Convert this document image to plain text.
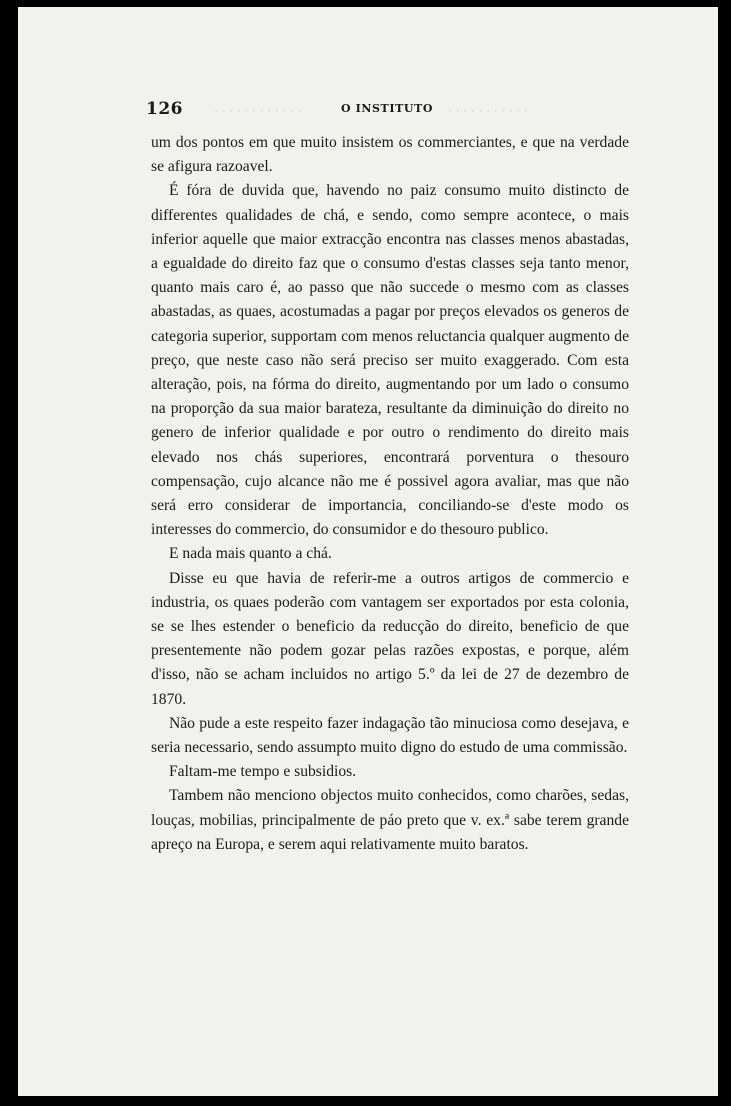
· · · · · · · · · · · ·	· · · · · · · · · · ·
126	O INSTITUTO

um dos pontos em que muito insistem os commerciantes, e que na verdade se afigura razoavel.

É fóra de duvida que, havendo no paiz consumo muito distincto de differentes qualidades de chá, e sendo, como sempre acontece, o mais inferior aquelle que maior extracção encontra nas classes menos abastadas, a egualdade do direito faz que o consumo d'estas classes seja tanto menor, quanto mais caro é, ao passo que não succede o mesmo com as classes abastadas, as quaes, acostumadas a pagar por preços elevados os generos de categoria superior, supportam com menos reluctancia qualquer augmento de preço, que neste caso não será preciso ser muito exaggerado. Com esta alteração, pois, na fórma do direito, augmentando por um lado o consumo na proporção da sua maior barateza, resultante da diminuição do direito no genero de inferior qualidade e por outro o rendimento do direito mais elevado nos chás superiores, encontrará porventura o thesouro compensação, cujo alcance não me é possivel agora avaliar, mas que não será erro considerar de importancia, conciliando-se d'este modo os interesses do commercio, do consumidor e do thesouro publico.

E nada mais quanto a chá.

Disse eu que havia de referir-me a outros artigos de commercio e industria, os quaes poderão com vantagem ser exportados por esta colonia, se se lhes estender o beneficio da reducção do direito, beneficio de que presentemente não podem gozar pelas razões expostas, e porque, além d'isso, não se acham incluidos no artigo 5.º da lei de 27 de dezembro de 1870.

Não pude a este respeito fazer indagação tão minuciosa como desejava, e seria necessario, sendo assumpto muito digno do estudo de uma commissão.

Faltam-me tempo e subsidios.

Tambem não menciono objectos muito conhecidos, como charões, sedas, louças, mobilias, principalmente de páo preto que v. ex.ª sabe terem grande apreço na Europa, e serem aqui relativamente muito baratos.
